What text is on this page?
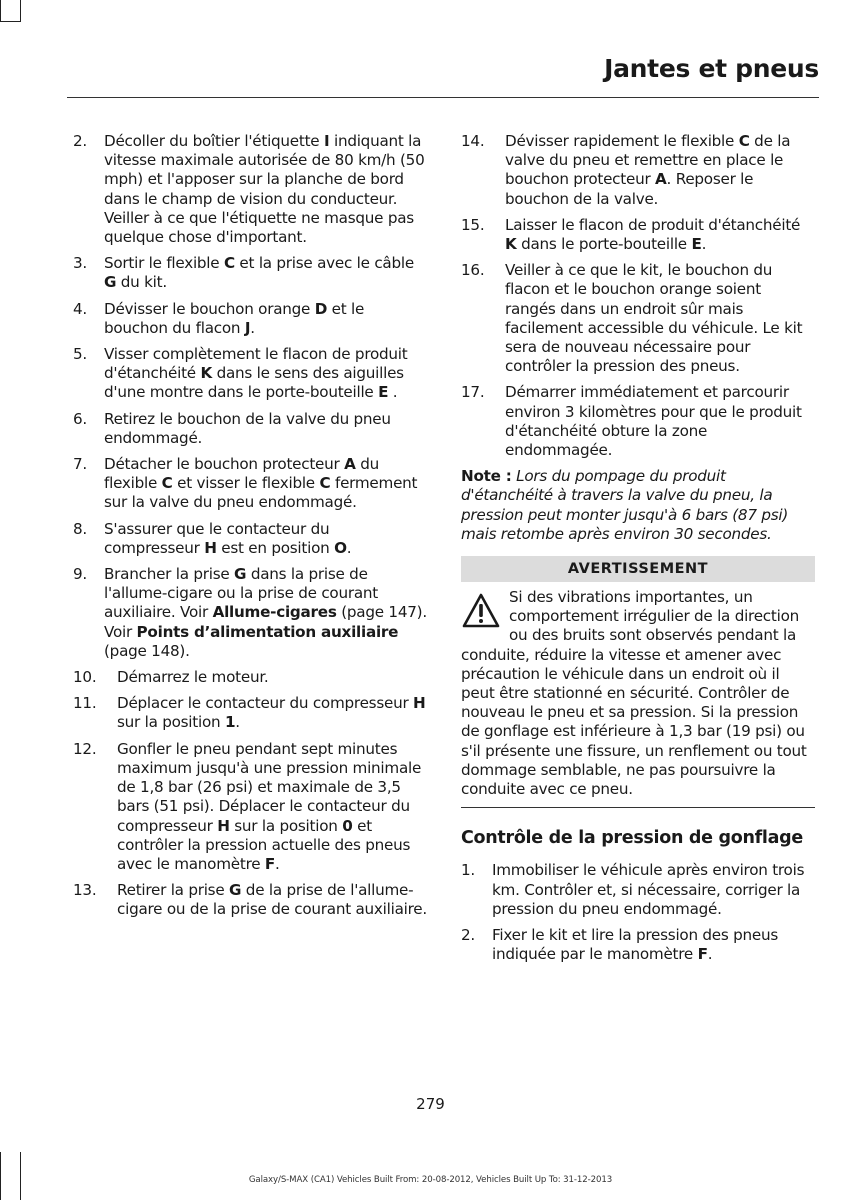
Jantes et pneus
2.	Décoller du boîtier l'étiquette I indiquant la vitesse maximale autorisée de 80 km/h (50 mph) et l'apposer sur la planche de bord dans le champ de vision du conducteur. Veiller à ce que l'étiquette ne masque pas quelque chose d'important.
3.	Sortir le flexible C et la prise avec le câble G du kit.
4.	Dévisser le bouchon orange D et le bouchon du flacon J.
5.	Visser complètement le flacon de produit d'étanchéité K dans le sens des aiguilles d'une montre dans le porte-bouteille E .
6.	Retirez le bouchon de la valve du pneu endommagé.
7.	Détacher le bouchon protecteur A du flexible C et visser le flexible C fermement sur la valve du pneu endommagé.
8.	S'assurer que le contacteur du compresseur H est en position O.
9.	Brancher la prise G dans la prise de l'allume-cigare ou la prise de courant auxiliaire. Voir Allume-cigares (page 147). Voir Points d’alimentation auxiliaire (page 148).
10.	Démarrez le moteur.
11.	Déplacer le contacteur du compresseur H sur la position 1.
12.	Gonfler le pneu pendant sept minutes maximum jusqu'à une pression minimale de 1,8 bar (26 psi) et maximale de 3,5 bars (51 psi). Déplacer le contacteur du compresseur H sur la position 0 et contrôler la pression actuelle des pneus avec le manomètre F.
13.	Retirer la prise G de la prise de l'allume-cigare ou de la prise de courant auxiliaire.
14.	Dévisser rapidement le flexible C de la valve du pneu et remettre en place le bouchon protecteur A. Reposer le bouchon de la valve.
15.	Laisser le flacon de produit d'étanchéité K dans le porte-bouteille E.
16.	Veiller à ce que le kit, le bouchon du flacon et le bouchon orange soient rangés dans un endroit sûr mais facilement accessible du véhicule. Le kit sera de nouveau nécessaire pour contrôler la pression des pneus.
17.	Démarrer immédiatement et parcourir environ 3 kilomètres pour que le produit d'étanchéité obture la zone endommagée.
Note : Lors du pompage du produit d'étanchéité à travers la valve du pneu, la pression peut monter jusqu'à 6 bars (87 psi) mais retombe après environ 30 secondes.
AVERTISSEMENT
Si des vibrations importantes, un comportement irrégulier de la direction ou des bruits sont observés pendant la conduite, réduire la vitesse et amener avec précaution le véhicule dans un endroit où il peut être stationné en sécurité. Contrôler de nouveau le pneu et sa pression. Si la pression de gonflage est inférieure à 1,3 bar (19 psi) ou s'il présente une fissure, un renflement ou tout dommage semblable, ne pas poursuivre la conduite avec ce pneu.
Contrôle de la pression de gonflage
1.	Immobiliser le véhicule après environ trois km. Contrôler et, si nécessaire, corriger la pression du pneu endommagé.
2.	Fixer le kit et lire la pression des pneus indiquée par le manomètre F.
279
Galaxy/S-MAX (CA1) Vehicles Built From: 20-08-2012, Vehicles Built Up To: 31-12-2013
